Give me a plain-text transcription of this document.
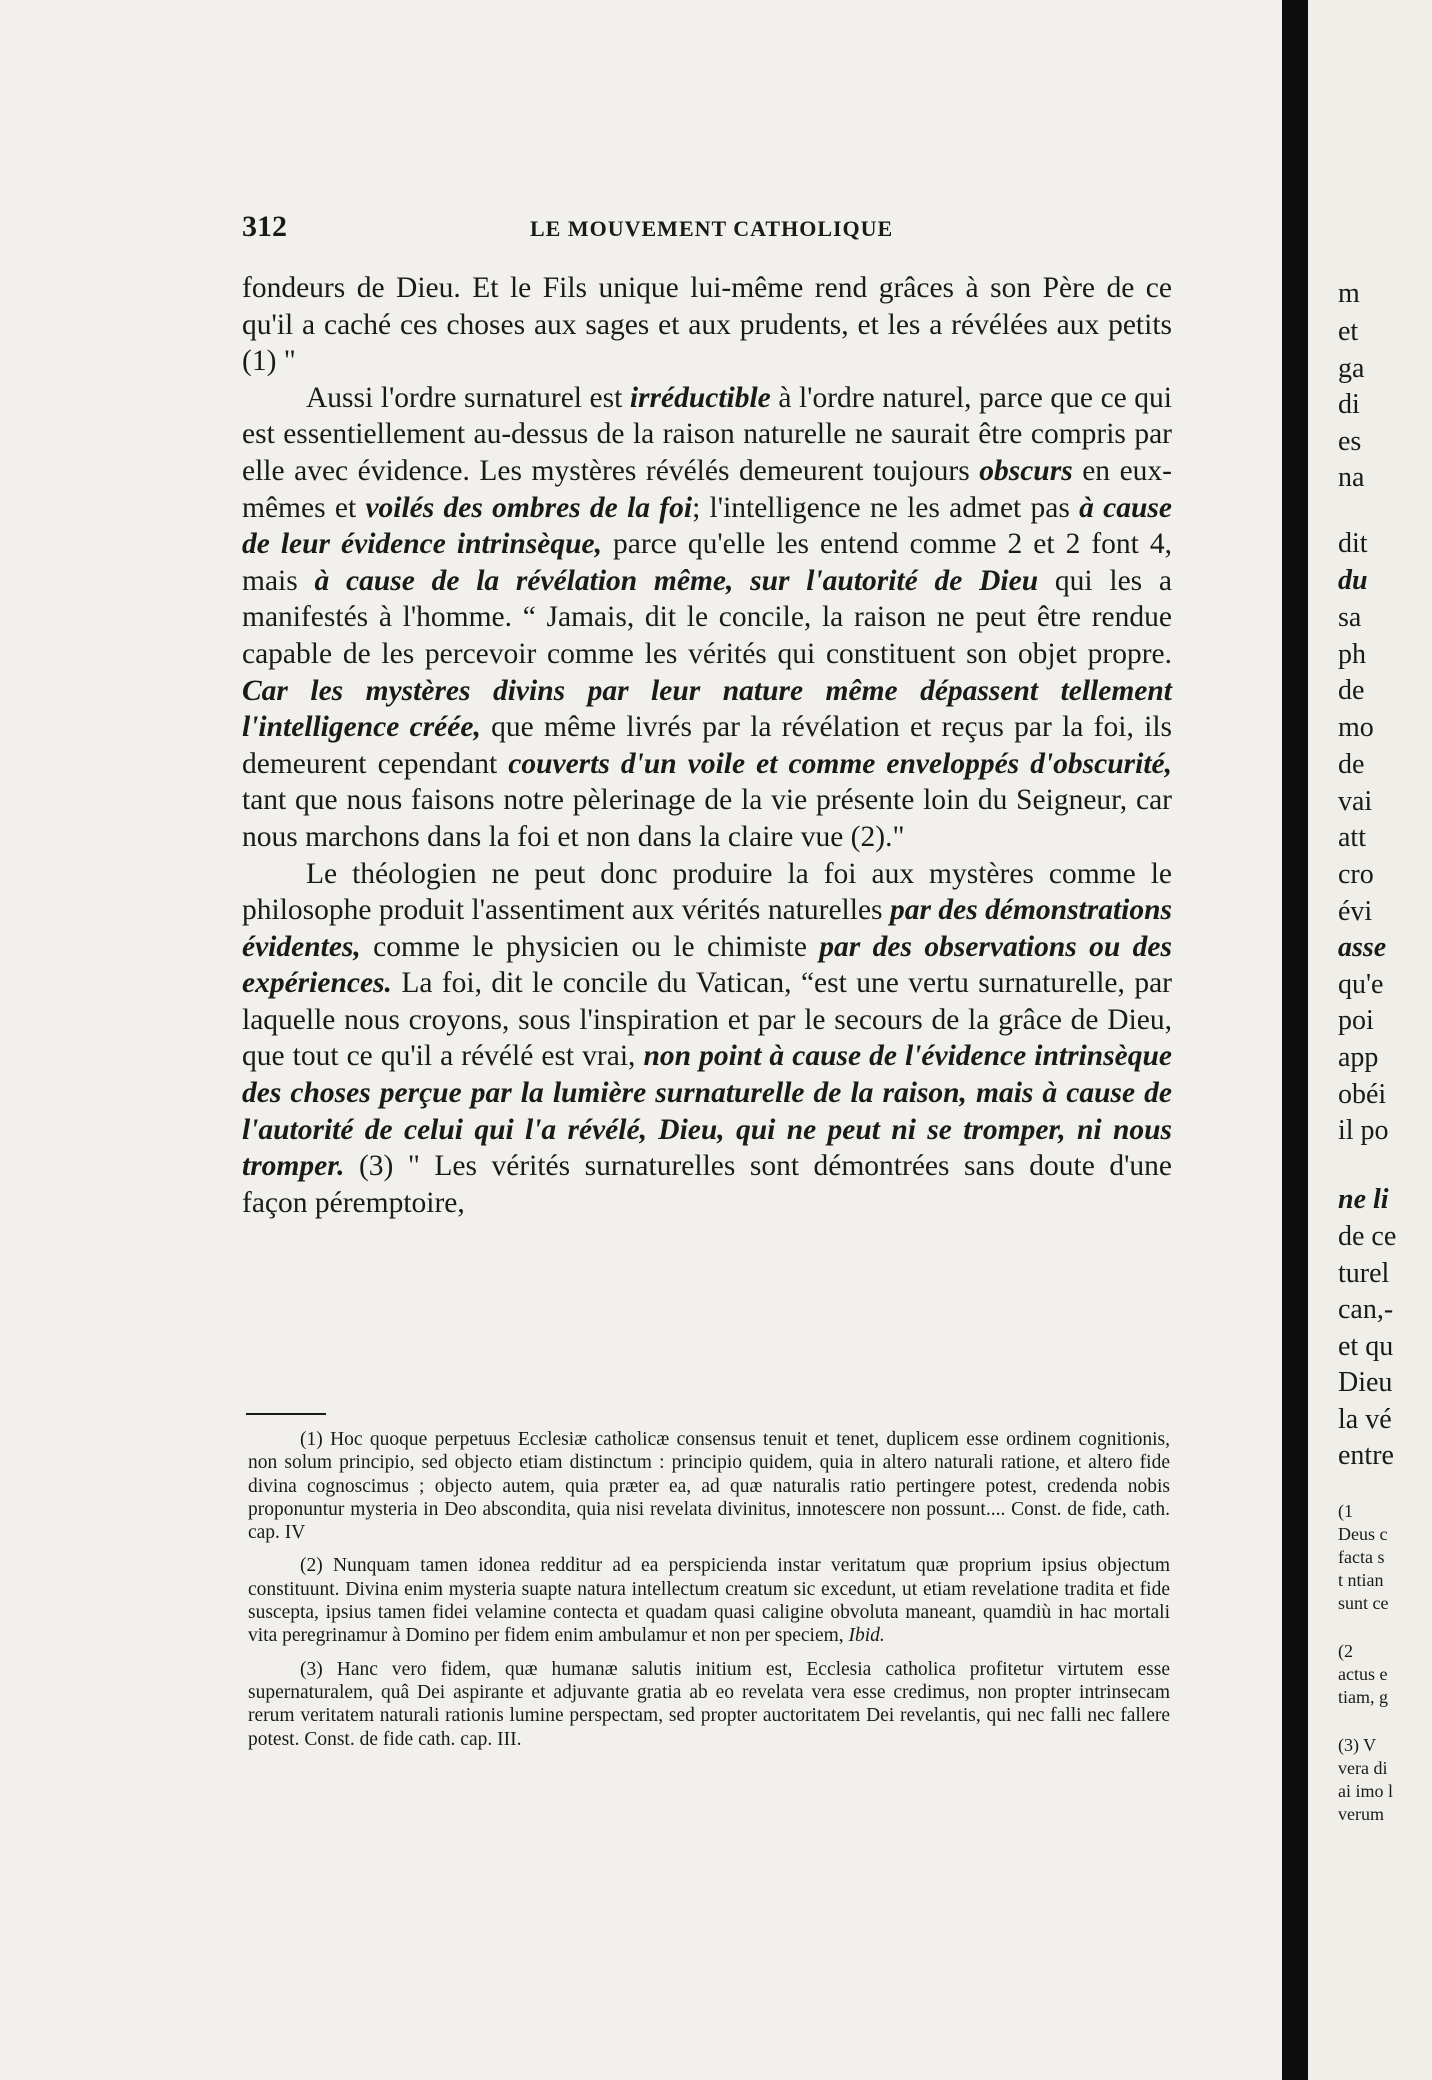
312	LE MOUVEMENT CATHOLIQUE

fondeurs de Dieu. Et le Fils unique lui-même rend grâces à son Père de ce qu'il a caché ces choses aux sages et aux prudents, et les a révélées aux petits (1) "

Aussi l'ordre surnaturel est irréductible à l'ordre naturel, parce que ce qui est essentiellement au-dessus de la raison naturelle ne saurait être compris par elle avec évidence. Les mystères révélés demeurent toujours obscurs en eux-mêmes et voilés des ombres de la foi; l'intelligence ne les admet pas à cause de leur évidence intrinsèque, parce qu'elle les entend comme 2 et 2 font 4, mais à cause de la révélation même, sur l'autorité de Dieu qui les a manifestés à l'homme. “ Jamais, dit le concile, la raison ne peut être rendue capable de les percevoir comme les vérités qui constituent son objet propre. Car les mystères divins par leur nature même dépassent tellement l'intelligence créée, que même livrés par la révélation et reçus par la foi, ils demeurent cependant couverts d'un voile et comme enveloppés d'obscurité, tant que nous faisons notre pèlerinage de la vie présente loin du Seigneur, car nous marchons dans la foi et non dans la claire vue (2)."

Le théologien ne peut donc produire la foi aux mystères comme le philosophe produit l'assentiment aux vérités naturelles par des démonstrations évidentes, comme le physicien ou le chimiste par des observations ou des expériences. La foi, dit le concile du Vatican, “est une vertu surnaturelle, par laquelle nous croyons, sous l'inspiration et par le secours de la grâce de Dieu, que tout ce qu'il a révélé est vrai, non point à cause de l'évidence intrinsèque des choses perçue par la lumière surnaturelle de la raison, mais à cause de l'autorité de celui qui l'a révélé, Dieu, qui ne peut ni se tromper, ni nous tromper. (3) " Les vérités surnaturelles sont démontrées sans doute d'une façon péremptoire,

(1) Hoc quoque perpetuus Ecclesiæ catholicæ consensus tenuit et tenet, duplicem esse ordinem cognitionis, non solum principio, sed objecto etiam distinctum : principio quidem, quia in altero naturali ratione, et altero fide divina cognoscimus ; objecto autem, quia præter ea, ad quæ naturalis ratio pertingere potest, credenda nobis proponuntur mysteria in Deo abscondita, quia nisi revelata divinitus, innotescere non possunt.... Const. de fide, cath. cap. IV

(2) Nunquam tamen idonea redditur ad ea perspicienda instar veritatum quæ proprium ipsius objectum constituunt. Divina enim mysteria suapte natura intellectum creatum sic excedunt, ut etiam revelatione tradita et fide suscepta, ipsius tamen fidei velamine contecta et quadam quasi caligine obvoluta maneant, quamdiù in hac mortali vita peregrinamur à Domino per fidem enim ambulamur et non per speciem, Ibid.

(3) Hanc vero fidem, quæ humanæ salutis initium est, Ecclesia catholica profitetur virtutem esse supernaturalem, quâ Dei aspirante et adjuvante gratia ab eo revelata vera esse credimus, non propter intrinsecam rerum veritatem naturali rationis lumine perspectam, sed propter auctoritatem Dei revelantis, qui nec falli nec fallere potest. Const. de fide cath. cap. III.

m
et
ga
di
es
na
dit
du
sa
ph
de
mo
de
vai
att
cro
évi
asse
qu'e
poi
app
obéi
il po
ne li
de ce
turel
can,-
et qu
Dieu
la vé
entre
(1
Deus c
facta s
t ntian
sunt ce
(2
actus e
tiam, g
(3) V
vera di
ai imo l
verum
